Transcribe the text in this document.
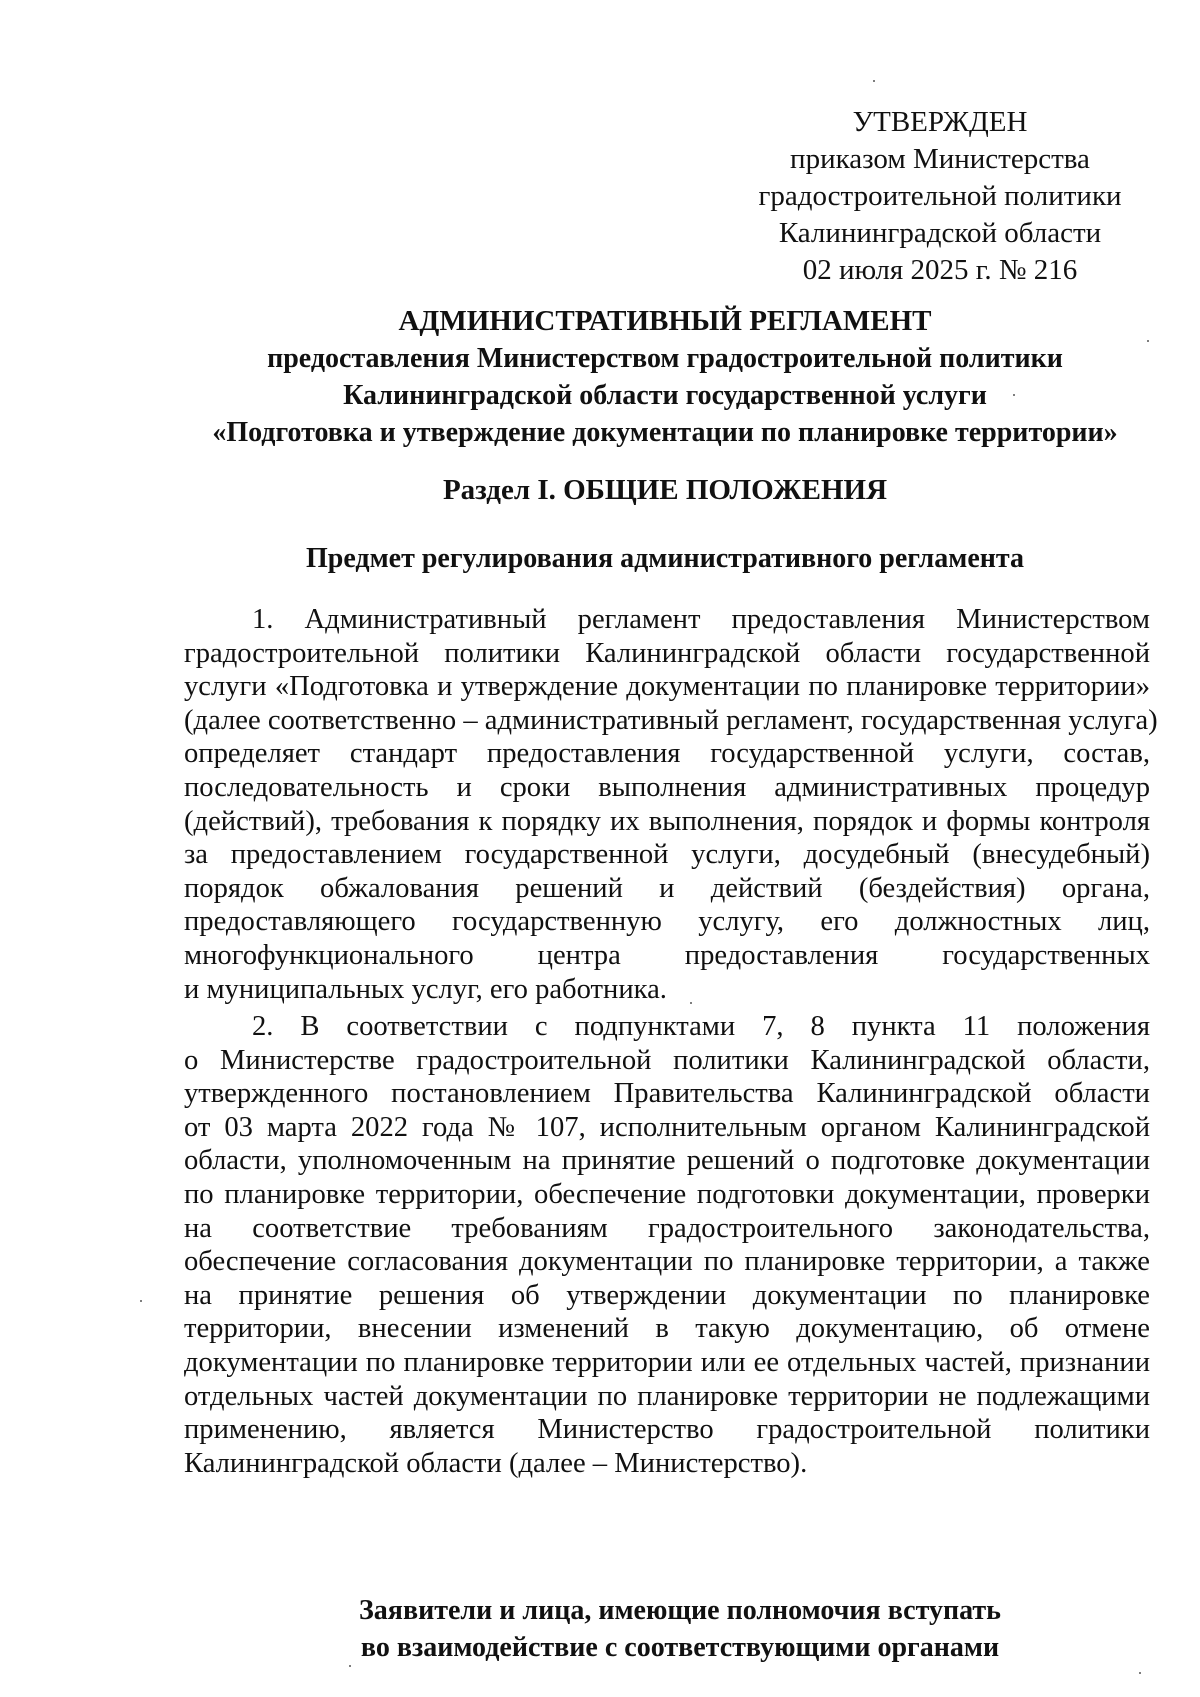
УТВЕРЖДЕН
приказом Министерства
градостроительной политики
Калининградской области
02 июля 2025 г. № 216
АДМИНИСТРАТИВНЫЙ РЕГЛАМЕНТ
предоставления Министерством градостроительной политики
Калининградской области государственной услуги
«Подготовка и утверждение документации по планировке территории»
Раздел I. ОБЩИЕ ПОЛОЖЕНИЯ
Предмет регулирования административного регламента
1. Административный регламент предоставления Министерством
градостроительной политики Калининградской области государственной
услуги «Подготовка и утверждение документации по планировке территории»
(далее соответственно – административный регламент, государственная услуга)
определяет стандарт предоставления государственной услуги, состав,
последовательность и сроки выполнения административных процедур
(действий), требования к порядку их выполнения, порядок и формы контроля
за предоставлением государственной услуги, досудебный (внесудебный)
порядок обжалования решений и действий (бездействия) органа,
предоставляющего государственную услугу, его должностных лиц,
многофункционального центра предоставления государственных
и муниципальных услуг, его работника.
2. В соответствии с подпунктами 7, 8 пункта 11 положения
о Министерстве градостроительной политики Калининградской области,
утвержденного постановлением Правительства Калининградской области
от 03 марта 2022 года № 107, исполнительным органом Калининградской
области, уполномоченным на принятие решений о подготовке документации
по планировке территории, обеспечение подготовки документации, проверки
на соответствие требованиям градостроительного законодательства,
обеспечение согласования документации по планировке территории, а также
на принятие решения об утверждении документации по планировке
территории, внесении изменений в такую документацию, об отмене
документации по планировке территории или ее отдельных частей, признании
отдельных частей документации по планировке территории не подлежащими
применению, является Министерство градостроительной политики
Калининградской области (далее – Министерство).
Заявители и лица, имеющие полномочия вступать
во взаимодействие с соответствующими органами
